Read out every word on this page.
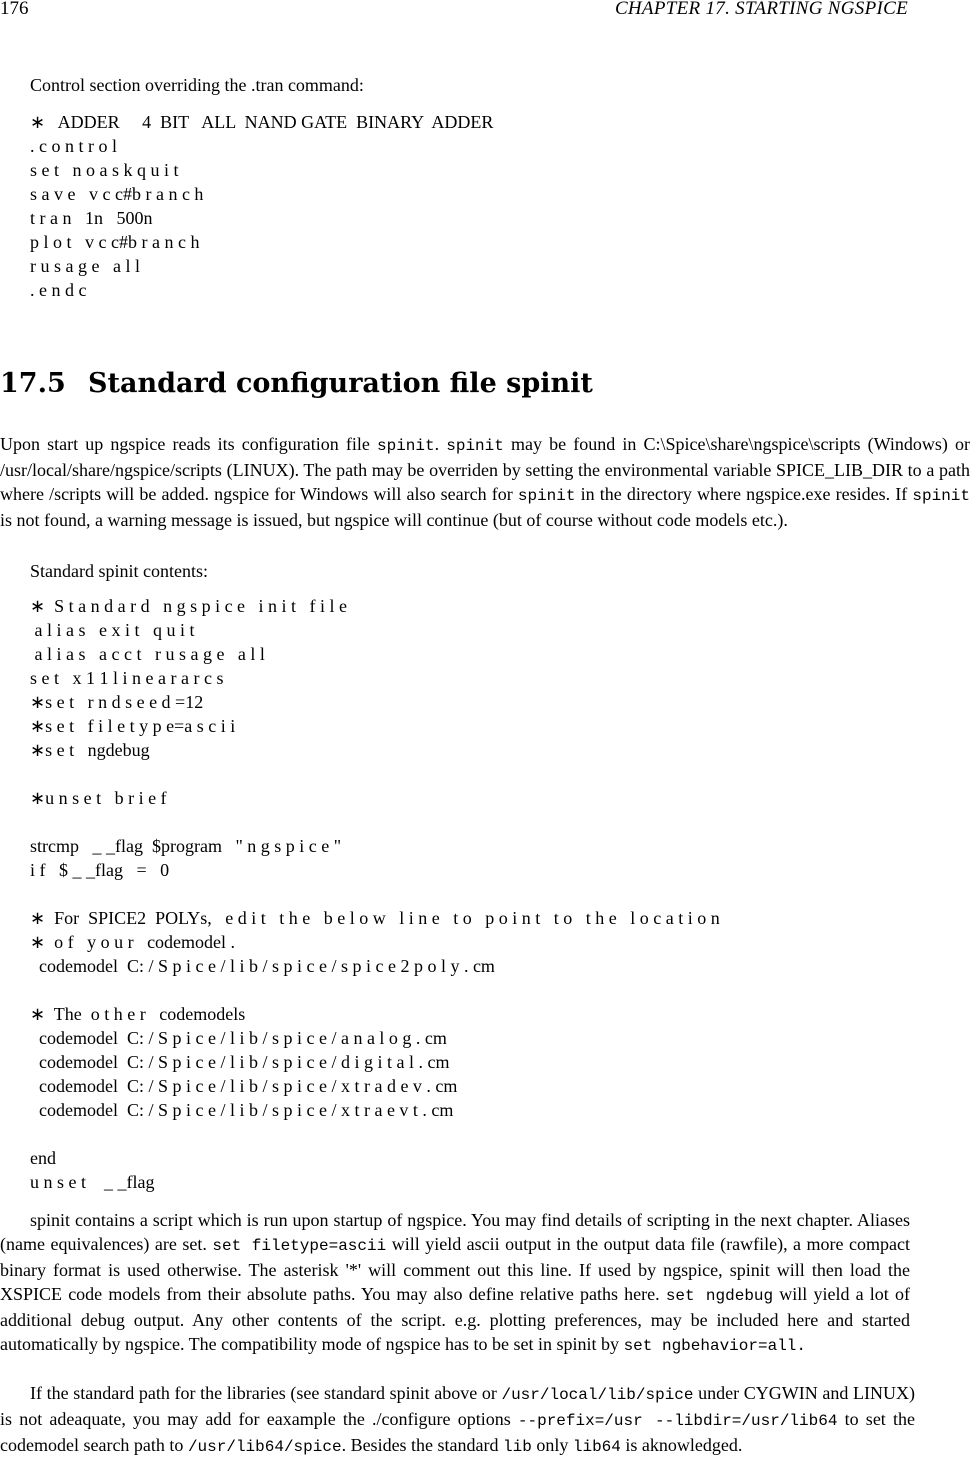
176	CHAPTER 17. STARTING NGSPICE
Control section overriding the .tran command:
∗   ADDER     4  BIT   ALL  NAND GATE  BINARY  ADDER
. c o n t r o l
s e t   n o a s k q u i t
s a v e   v c c#b r a n c h
t r a n   1n   500n
p l o t   v c c#b r a n c h
r u s a g e   a l l
. e n d c
17.5 Standard configuration file spinit
Upon start up ngspice reads its configuration file spinit. spinit may be found in C:\Spice\share\ngspice\scripts (Windows) or /usr/local/share/ngspice/scripts (LINUX). The path may be overriden by setting the environmental variable SPICE_LIB_DIR to a path where /scripts will be added. ngspice for Windows will also search for spinit in the directory where ngspice.exe resides. If spinit is not found, a warning message is issued, but ngspice will continue (but of course without code models etc.).
Standard spinit contents:
∗  S t a n d a r d   n g s p i c e   i n i t   f i l e
a l i a s   e x i t   q u i t
a l i a s   a c c t   r u s a g e   a l l
s e t   x 1 1 l i n e a r a r c s
∗s e t   r n d s e e d =12
∗s e t   f i l e t y p e=a s c i i
∗s e t   ngdebug
∗u n s e t   b r i e f
strcmp   _ _flag  $program   " n g s p i c e "
i f   $ _ _flag   =   0
∗  For  SPICE2  POLYs,   e d i t   t h e   b e l o w   l i n e   t o   p o i n t   t o   t h e   l o c a t i o n
∗  o f   y o u r   codemodel .
codemodel  C: / S p i c e / l i b / s p i c e / s p i c e 2 p o l y . cm
∗  The  o t h e r   codemodels
codemodel  C: / S p i c e / l i b / s p i c e / a n a l o g . cm
codemodel  C: / S p i c e / l i b / s p i c e / d i g i t a l . cm
codemodel  C: / S p i c e / l i b / s p i c e / x t r a d e v . cm
codemodel  C: / S p i c e / l i b / s p i c e / x t r a e v t . cm
end
u n s e t    _ _flag
spinit contains a script which is run upon startup of ngspice. You may find details of scripting in the next chapter. Aliases (name equivalences) are set. set filetype=ascii will yield ascii output in the output data file (rawfile), a more compact binary format is used otherwise. The asterisk '*' will comment out this line. If used by ngspice, spinit will then load the XSPICE code models from their absolute paths. You may also define relative paths here. set ngdebug will yield a lot of additional debug output. Any other contents of the script. e.g. plotting preferences, may be included here and started automatically by ngspice. The compatibility mode of ngspice has to be set in spinit by set ngbehavior=all.
If the standard path for the libraries (see standard spinit above or /usr/local/lib/spice under CYGWIN and LINUX) is not adeaquate, you may add for eaxample the ./configure options --prefix=/usr --libdir=/usr/lib64 to set the codemodel search path to /usr/lib64/spice. Besides the standard lib only lib64 is aknowledged.
